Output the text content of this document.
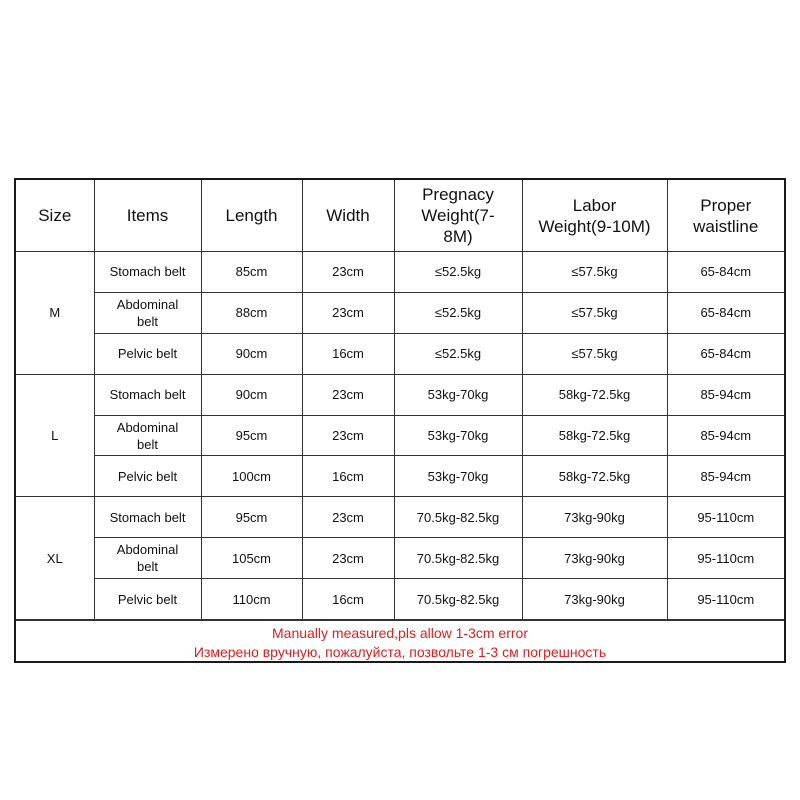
Size	Items	Length	Width	Pregnacy Weight(7-8M)	Labor Weight(9-10M)	Proper waistline
M	Stomach belt	85cm	23cm	≤52.5kg	≤57.5kg	65-84cm
	Abdominal belt	88cm	23cm	≤52.5kg	≤57.5kg	65-84cm
	Pelvic belt	90cm	16cm	≤52.5kg	≤57.5kg	65-84cm
L	Stomach belt	90cm	23cm	53kg-70kg	58kg-72.5kg	85-94cm
	Abdominal belt	95cm	23cm	53kg-70kg	58kg-72.5kg	85-94cm
	Pelvic belt	100cm	16cm	53kg-70kg	58kg-72.5kg	85-94cm
XL	Stomach belt	95cm	23cm	70.5kg-82.5kg	73kg-90kg	95-110cm
	Abdominal belt	105cm	23cm	70.5kg-82.5kg	73kg-90kg	95-110cm
	Pelvic belt	110cm	16cm	70.5kg-82.5kg	73kg-90kg	95-110cm
Manually measured,pls allow 1-3cm error
Измерено вручную, пожалуйста, позвольте 1-3 см погрешность
